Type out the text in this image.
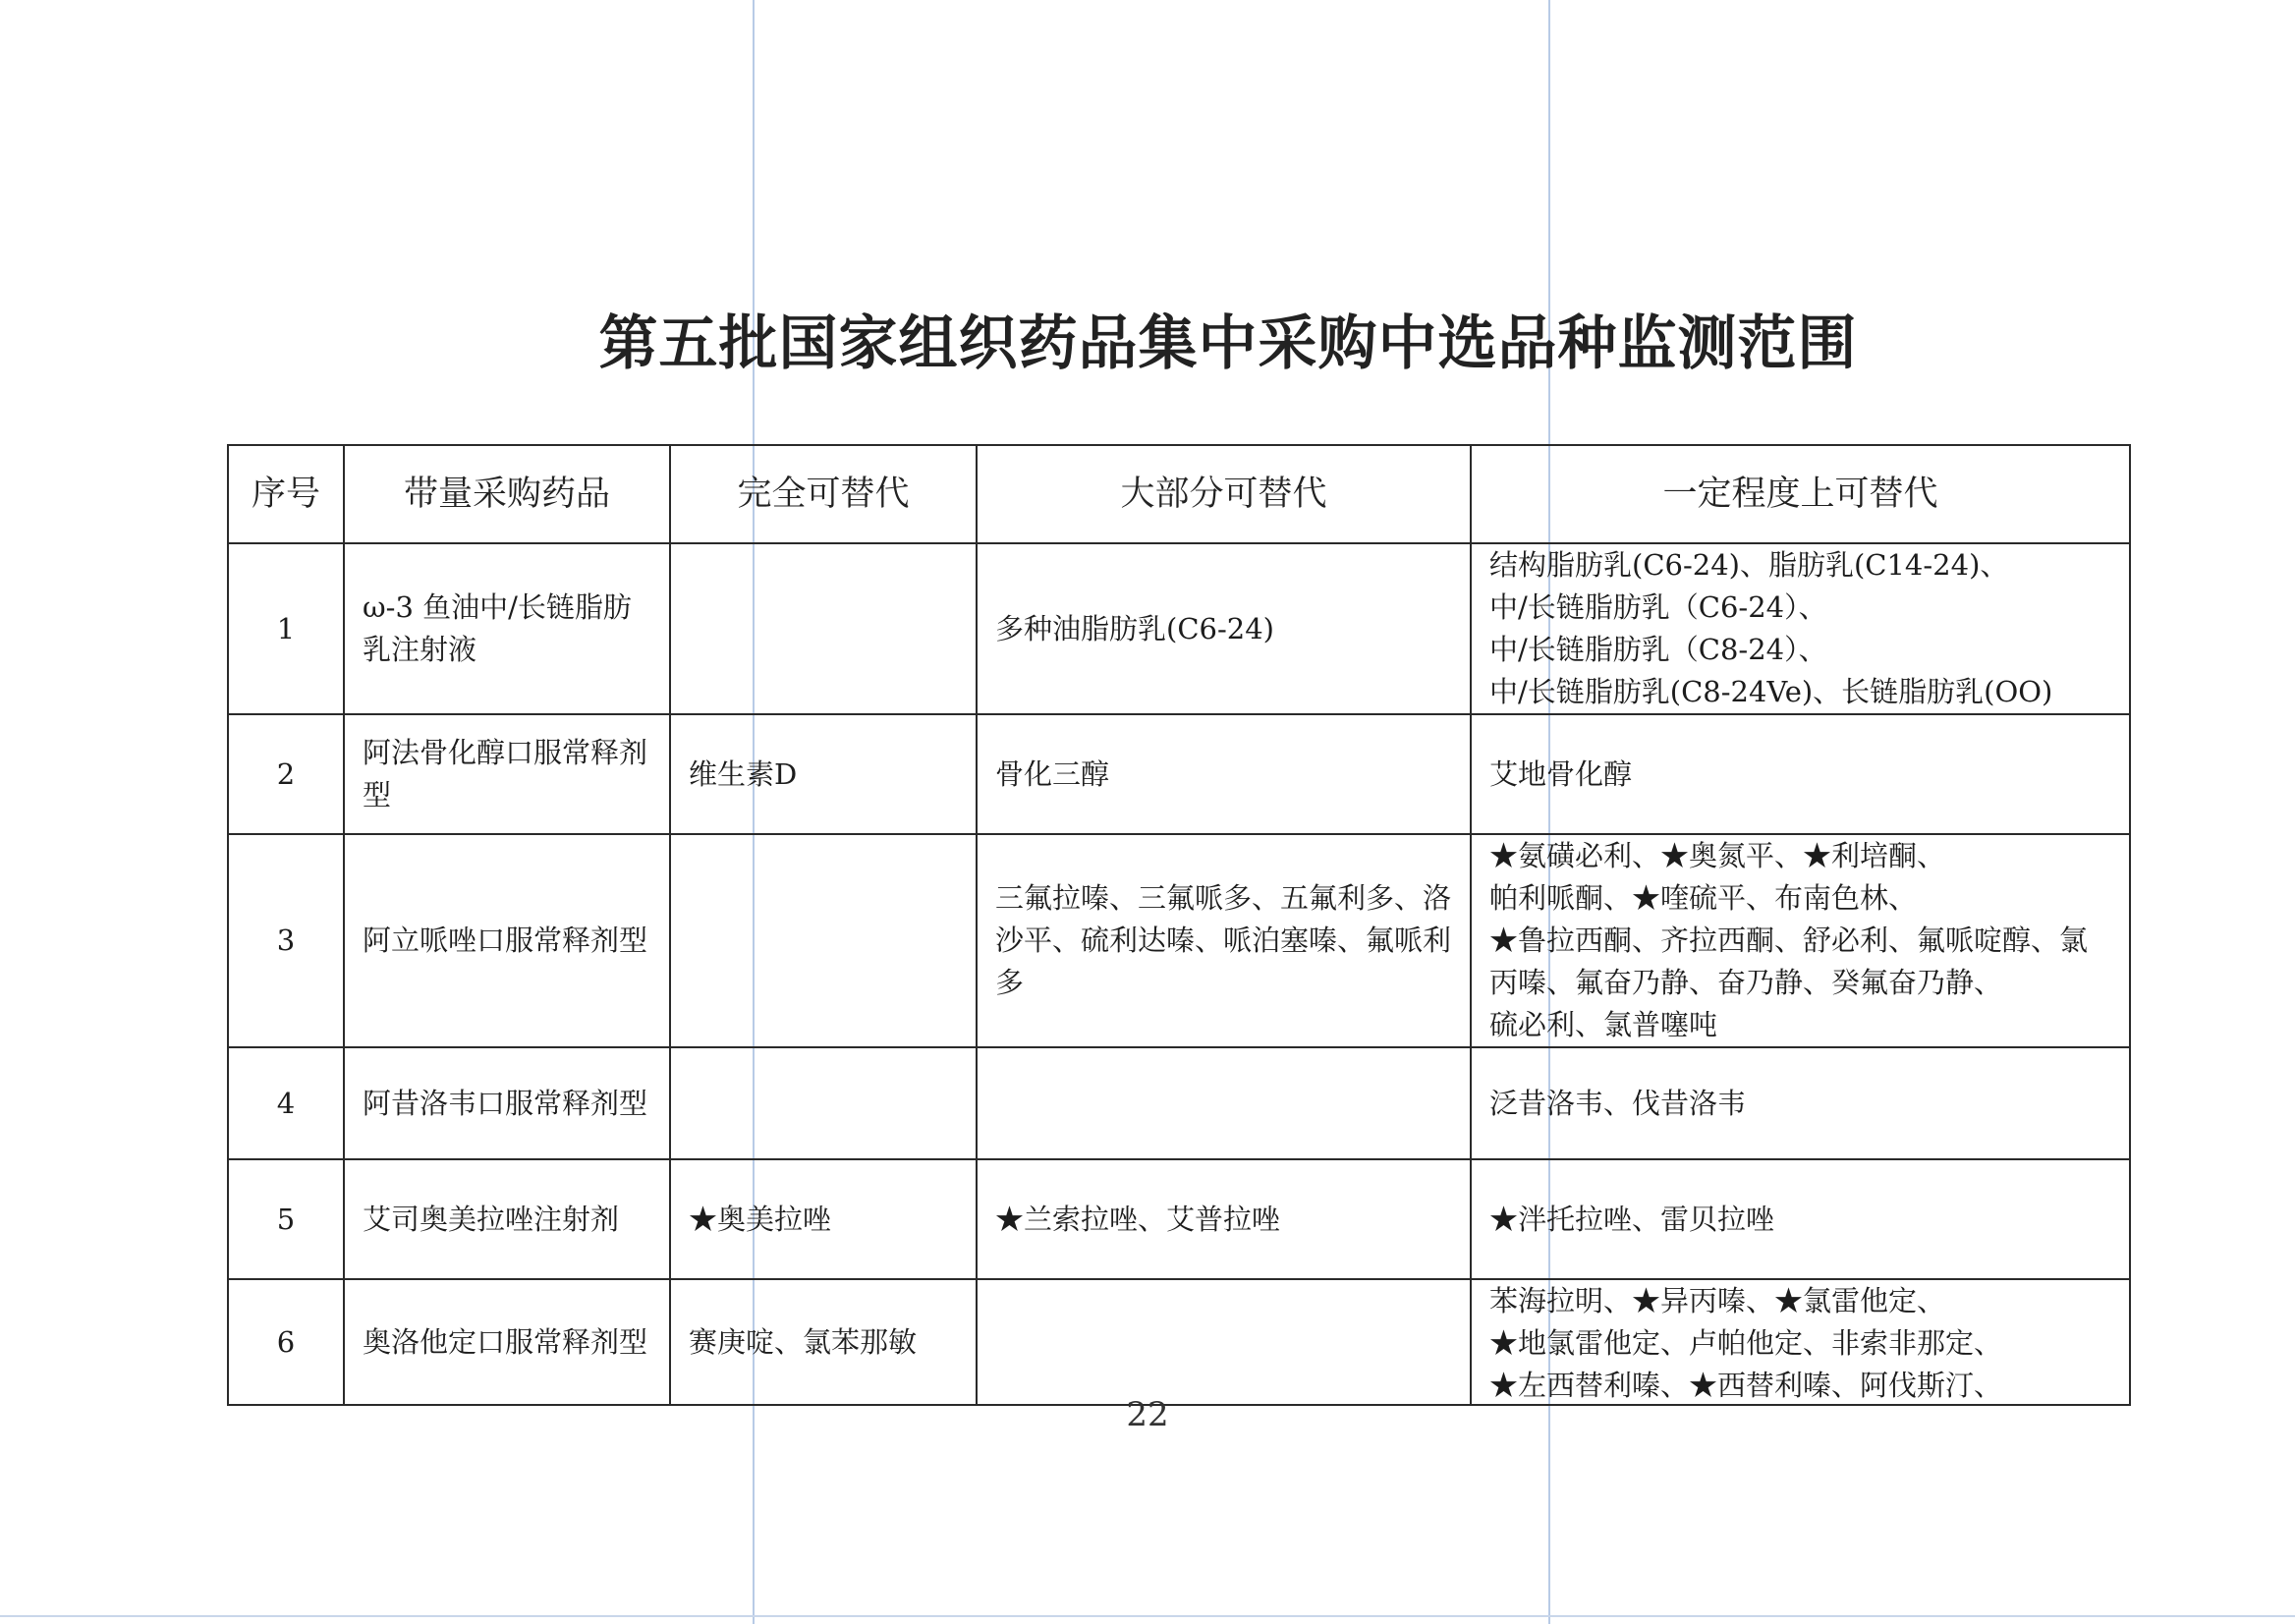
第五批国家组织药品集中采购中选品种监测范围
序号	带量采购药品	完全可替代	大部分可替代	一定程度上可替代
1	ω-3 鱼油中/长链脂肪乳注射液		多种油脂肪乳(C6-24)	结构脂肪乳(C6-24)、脂肪乳(C14-24)、
中/长链脂肪乳（C6-24）、
中/长链脂肪乳（C8-24）、
中/长链脂肪乳(C8-24Ve)、长链脂肪乳(OO)

2	阿法骨化醇口服常释剂型	维生素D	骨化三醇	艾地骨化醇

3	阿立哌唑口服常释剂型		三氟拉嗪、三氟哌多、五氟利多、洛沙平、硫利达嗪、哌泊塞嗪、氟哌利多	★氨磺必利、★奥氮平、★利培酮、
帕利哌酮、★喹硫平、布南色林、
★鲁拉西酮、齐拉西酮、舒必利、氟哌啶醇、氯
丙嗪、氟奋乃静、奋乃静、癸氟奋乃静、
硫必利、氯普噻吨

4	阿昔洛韦口服常释剂型			泛昔洛韦、伐昔洛韦

5	艾司奥美拉唑注射剂	★奥美拉唑	★兰索拉唑、艾普拉唑	★泮托拉唑、雷贝拉唑

6	奥洛他定口服常释剂型	赛庚啶、氯苯那敏		苯海拉明、★异丙嗪、★氯雷他定、
★地氯雷他定、卢帕他定、非索非那定、
★左西替利嗪、★西替利嗪、阿伐斯汀、
22
